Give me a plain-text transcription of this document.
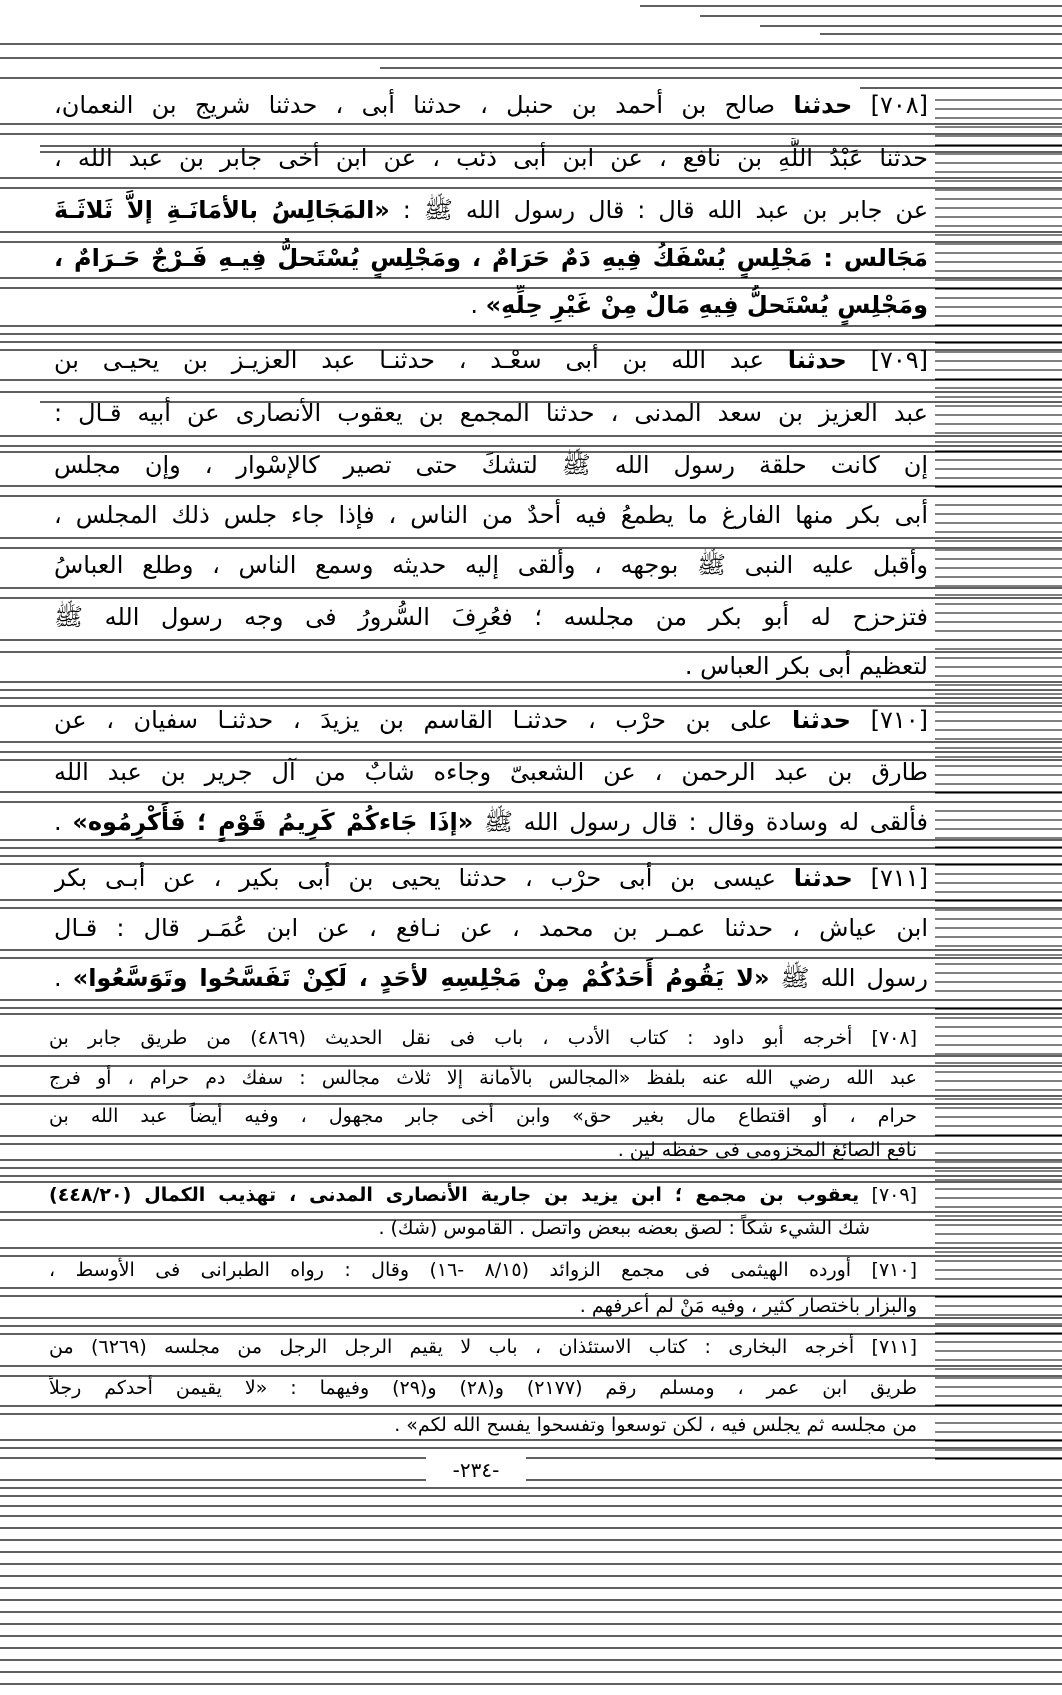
[٧٠٨] حدثنا صالح بن أحمد بن حنبل ، حدثنا أبى ، حدثنا شريج بن النعمان،
حدثنا عَبْدُ اللَّهِ بن نافع ، عن ابن أبى ذئب ، عن ابن أخى جابر بن عبد الله ،
عن جابر بن عبد الله قال : قال رسول الله ﷺ : «المَجَالِسُ بالأمَانَـةِ إلاَّ ثَلاثَـةَ
مَجَالس : مَجْلِسٍ يُسْفَكُ فِيهِ دَمٌ حَرَامٌ ، ومَجْلِسٍ يُسْتَحلُّ فِيـهِ فَـرْجٌ حَـرَامٌ ،
ومَجْلِسٍ يُسْتَحلُّ فِيهِ مَالٌ مِنْ غَيْرِ حِلِّهِ» .
[٧٠٩] حدثنا عبد الله بن أبى سعْـد ، حدثنـا عبد العزيـز بن يحيـى بن
عبد العزيز بن سعد المدنى ، حدثنا المجمع بن يعقوب الأنصارى عن أبيه قـال :
إن كانت حلقة رسول الله ﷺ لتشكَ حتى تصير كالإسْوار ، وإن مجلس
أبى بكر منها الفارغ ما يطمعُ فيه أحدٌ من الناس ، فإذا جاء جلس ذلك المجلس ،
وأقبل عليه النبى ﷺ بوجهه ، وألقى إليه حديثه وسمع الناس ، وطلع العباسُ
فتزحزح له أبو بكر من مجلسه ؛ فعُرِفَ السُّرورُ فى وجه رسول الله ﷺ
لتعظيم أبى بكر العباس .
[٧١٠] حدثنا على بن حرْب ، حدثنـا القاسم بن يزيدَ ، حدثنـا سفيان ، عن
طارق بن عبد الرحمن ، عن الشعبىّ وجاءه شابٌ من آل جرير بن عبد الله
فألقى له وسادة وقال : قال رسول الله ﷺ «إذَا جَاءكُمْ كَرِيمُ قَوْمٍ ؛ فَأَكْرِمُوه» .
[٧١١] حدثنا عيسى بن أبى حرْب ، حدثنا يحيى بن أبى بكير ، عن أبـى بكر
ابن عياش ، حدثنا عمـر بن محمد ، عن نـافع ، عن ابن عُمَـر قال : قـال
رسول الله ﷺ «لا يَقُومُ أَحَدُكُمْ مِنْ مَجْلِسِهِ لأحَدٍ ، لَكِنْ تَفَسَّحُوا وتَوَسَّعُوا» .
[٧٠٨] أخرجه أبو داود : كتاب الأدب ، باب فى نقل الحديث (٤٨٦٩) من طريق جابر بن
عبد الله رضي الله عنه بلفظ «المجالس بالأمانة إلا ثلاث مجالس : سفك دم حرام ، أو فرج
حرام ، أو اقتطاع مال بغير حق» وابن أخى جابر مجهول ، وفيه أيضاً عبد الله بن
نافع الصائغ المخزومى فى حفظه لين .
[٧٠٩] يعقوب بن مجمع ؛ ابن يزيد بن جارية الأنصارى المدنى ، تهذيب الكمال (٤٤٨/٢٠)
شك الشيء شكاً : لصق بعضه ببعض واتصل . القاموس (شك) .
[٧١٠] أورده الهيثمى فى مجمع الزوائد (٨/١٥ -١٦) وقال : رواه الطبرانى فى الأوسط ،
والبزار باختصار كثير ، وفيه مَنْ لم أعرفهم .
[٧١١] أخرجه البخارى : كتاب الاستئذان ، باب لا يقيم الرجل الرجل من مجلسه (٦٢٦٩) من
طريق ابن عمر ، ومسلم رقم (٢١٧٧) و(٢٨) و(٢٩) وفيهما : «لا يقيمن أحدكم رجلاً
من مجلسه ثم يجلس فيه ، لكن توسعوا وتفسحوا يفسح الله لكم» .
-٢٣٤-
